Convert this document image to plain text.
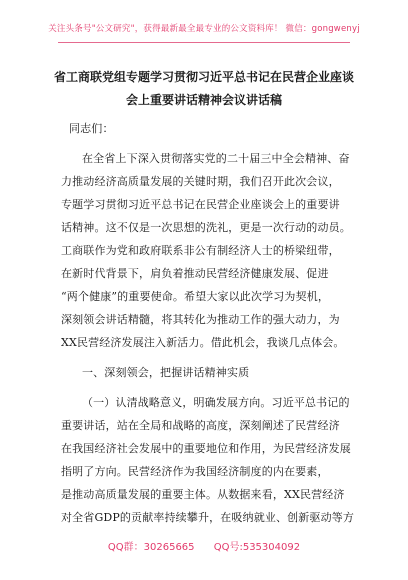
关注头条号"公文研究"，获得最新最全最专业的公文资料库！ 微信：gongwenyj
省工商联党组专题学习贯彻习近平总书记在民营企业座谈
会上重要讲话精神会议讲话稿
同志们：
在全省上下深入贯彻落实党的二十届三中全会精神、奋
力推动经济高质量发展的关键时期，我们召开此次会议，
专题学习贯彻习近平总书记在民营企业座谈会上的重要讲
话精神。这不仅是一次思想的洗礼，更是一次行动的动员。
工商联作为党和政府联系非公有制经济人士的桥梁纽带，
在新时代背景下，肩负着推动民营经济健康发展、促进
“两个健康”的重要使命。希望大家以此次学习为契机，
深刻领会讲话精髓，将其转化为推动工作的强大动力，为
XX民营经济发展注入新活力。借此机会，我谈几点体会。
一、深刻领会，把握讲话精神实质
（一）认清战略意义，明确发展方向。习近平总书记的
重要讲话，站在全局和战略的高度，深刻阐述了民营经济
在我国经济社会发展中的重要地位和作用，为民营经济发展
指明了方向。民营经济作为我国经济制度的内在要素，
是推动高质量发展的重要主体。从数据来看，XX民营经济
对全省GDP的贡献率持续攀升，在吸纳就业、创新驱动等方
QQ群：30265665 QQ号:535304092
